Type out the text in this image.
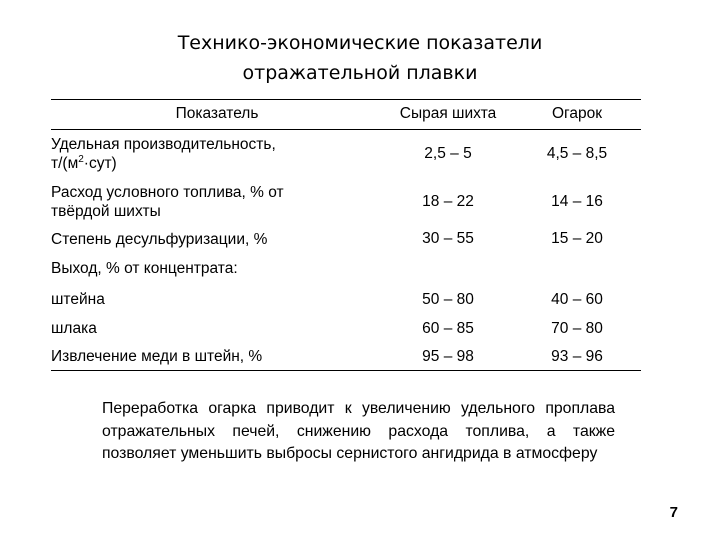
Технико-экономические показатели
отражательной плавки
Показатель	Сырая шихта	Огарок
Удельная производительность,
$т/(м^2\cdot сут)$	2,5 – 5	4,5 – 8,5
Расход условного топлива, % от
твёрдой шихты	18 – 22	14 – 16
Степень десульфуризации, %	30 – 55	15 – 20
Выход, % от концентрата:		
штейна	50 – 80	40 – 60
шлака	60 – 85	70 – 80
Извлечение меди в штейн, %	95 – 98	93 – 96
Переработка огарка приводит к увеличению удельного проплава отражательных печей, снижению расхода топлива, а также позволяет уменьшить выбросы сернистого ангидрида в атмосферу
7
